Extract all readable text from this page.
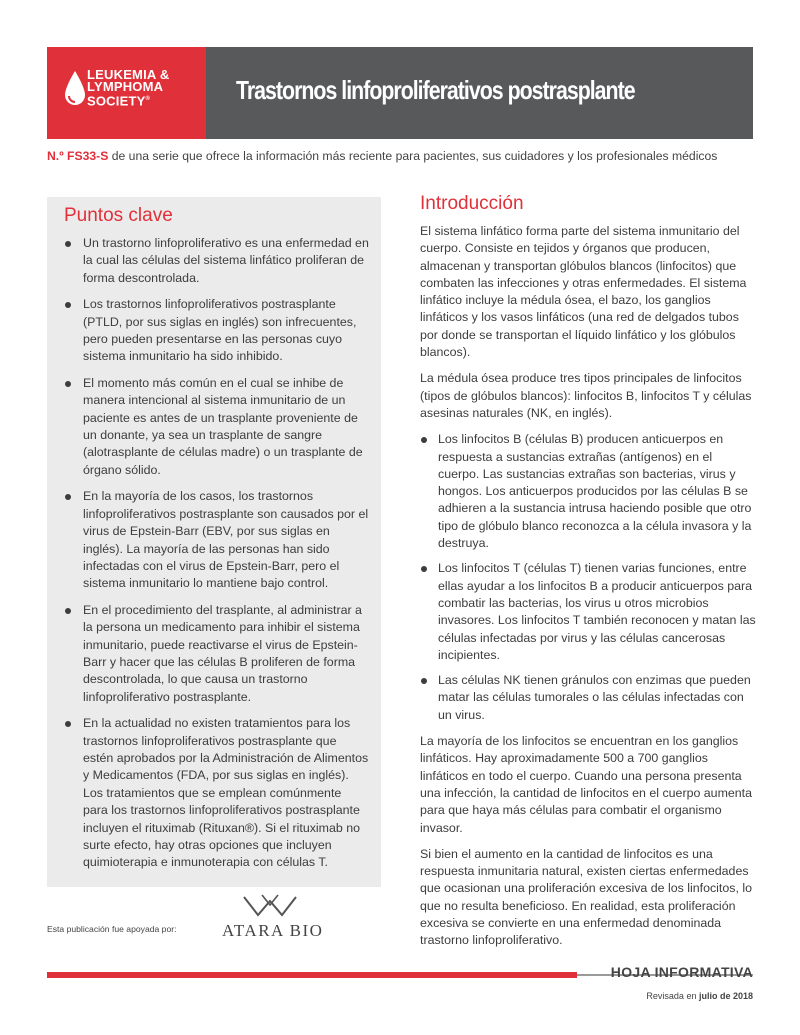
LEUKEMIA &
LYMPHOMA
SOCIETY®	Trastornos linfoproliferativos postrasplante
N.º FS33-S de una serie que ofrece la información más reciente para pacientes, sus cuidadores y los profesionales médicos
Puntos clave
Un trastorno linfoproliferativo es una enfermedad en la cual las células del sistema linfático proliferan de forma descontrolada.
Los trastornos linfoproliferativos postrasplante (PTLD, por sus siglas en inglés) son infrecuentes, pero pueden presentarse en las personas cuyo sistema inmunitario ha sido inhibido.
El momento más común en el cual se inhibe de manera intencional al sistema inmunitario de un paciente es antes de un trasplante proveniente de un donante, ya sea un trasplante de sangre (alotrasplante de células madre) o un trasplante de órgano sólido.
En la mayoría de los casos, los trastornos linfoproliferativos postrasplante son causados por el virus de Epstein-Barr (EBV, por sus siglas en inglés). La mayoría de las personas han sido infectadas con el virus de Epstein-Barr, pero el sistema inmunitario lo mantiene bajo control.
En el procedimiento del trasplante, al administrar a la persona un medicamento para inhibir el sistema inmunitario, puede reactivarse el virus de Epstein-Barr y hacer que las células B proliferen de forma descontrolada, lo que causa un trastorno linfoproliferativo postrasplante.
En la actualidad no existen tratamientos para los trastornos linfoproliferativos postrasplante que estén aprobados por la Administración de Alimentos y Medicamentos (FDA, por sus siglas en inglés). Los tratamientos que se emplean comúnmente para los trastornos linfoproliferativos postrasplante incluyen el rituximab (Rituxan®). Si el rituximab no surte efecto, hay otras opciones que incluyen quimioterapia e inmunoterapia con células T.
Esta publicación fue apoyada por:	ATARA BIO
Introducción

El sistema linfático forma parte del sistema inmunitario del cuerpo. Consiste en tejidos y órganos que producen, almacenan y transportan glóbulos blancos (linfocitos) que combaten las infecciones y otras enfermedades. El sistema linfático incluye la médula ósea, el bazo, los ganglios linfáticos y los vasos linfáticos (una red de delgados tubos por donde se transportan el líquido linfático y los glóbulos blancos).

La médula ósea produce tres tipos principales de linfocitos (tipos de glóbulos blancos): linfocitos B, linfocitos T y células asesinas naturales (NK, en inglés).

Los linfocitos B (células B) producen anticuerpos en respuesta a sustancias extrañas (antígenos) en el cuerpo. Las sustancias extrañas son bacterias, virus y hongos. Los anticuerpos producidos por las células B se adhieren a la sustancia intrusa haciendo posible que otro tipo de glóbulo blanco reconozca a la célula invasora y la destruya.
Los linfocitos T (células T) tienen varias funciones, entre ellas ayudar a los linfocitos B a producir anticuerpos para combatir las bacterias, los virus u otros microbios invasores. Los linfocitos T también reconocen y matan las células infectadas por virus y las células cancerosas incipientes.
Las células NK tienen gránulos con enzimas que pueden matar las células tumorales o las células infectadas con un virus.

La mayoría de los linfocitos se encuentran en los ganglios linfáticos. Hay aproximadamente 500 a 700 ganglios linfáticos en todo el cuerpo. Cuando una persona presenta una infección, la cantidad de linfocitos en el cuerpo aumenta para que haya más células para combatir el organismo invasor.

Si bien el aumento en la cantidad de linfocitos es una respuesta inmunitaria natural, existen ciertas enfermedades que ocasionan una proliferación excesiva de los linfocitos, lo que no resulta beneficioso. En realidad, esta proliferación excesiva se convierte en una enfermedad denominada trastorno linfoproliferativo.

HOJA INFORMATIVA
Revisada en julio de 2018
